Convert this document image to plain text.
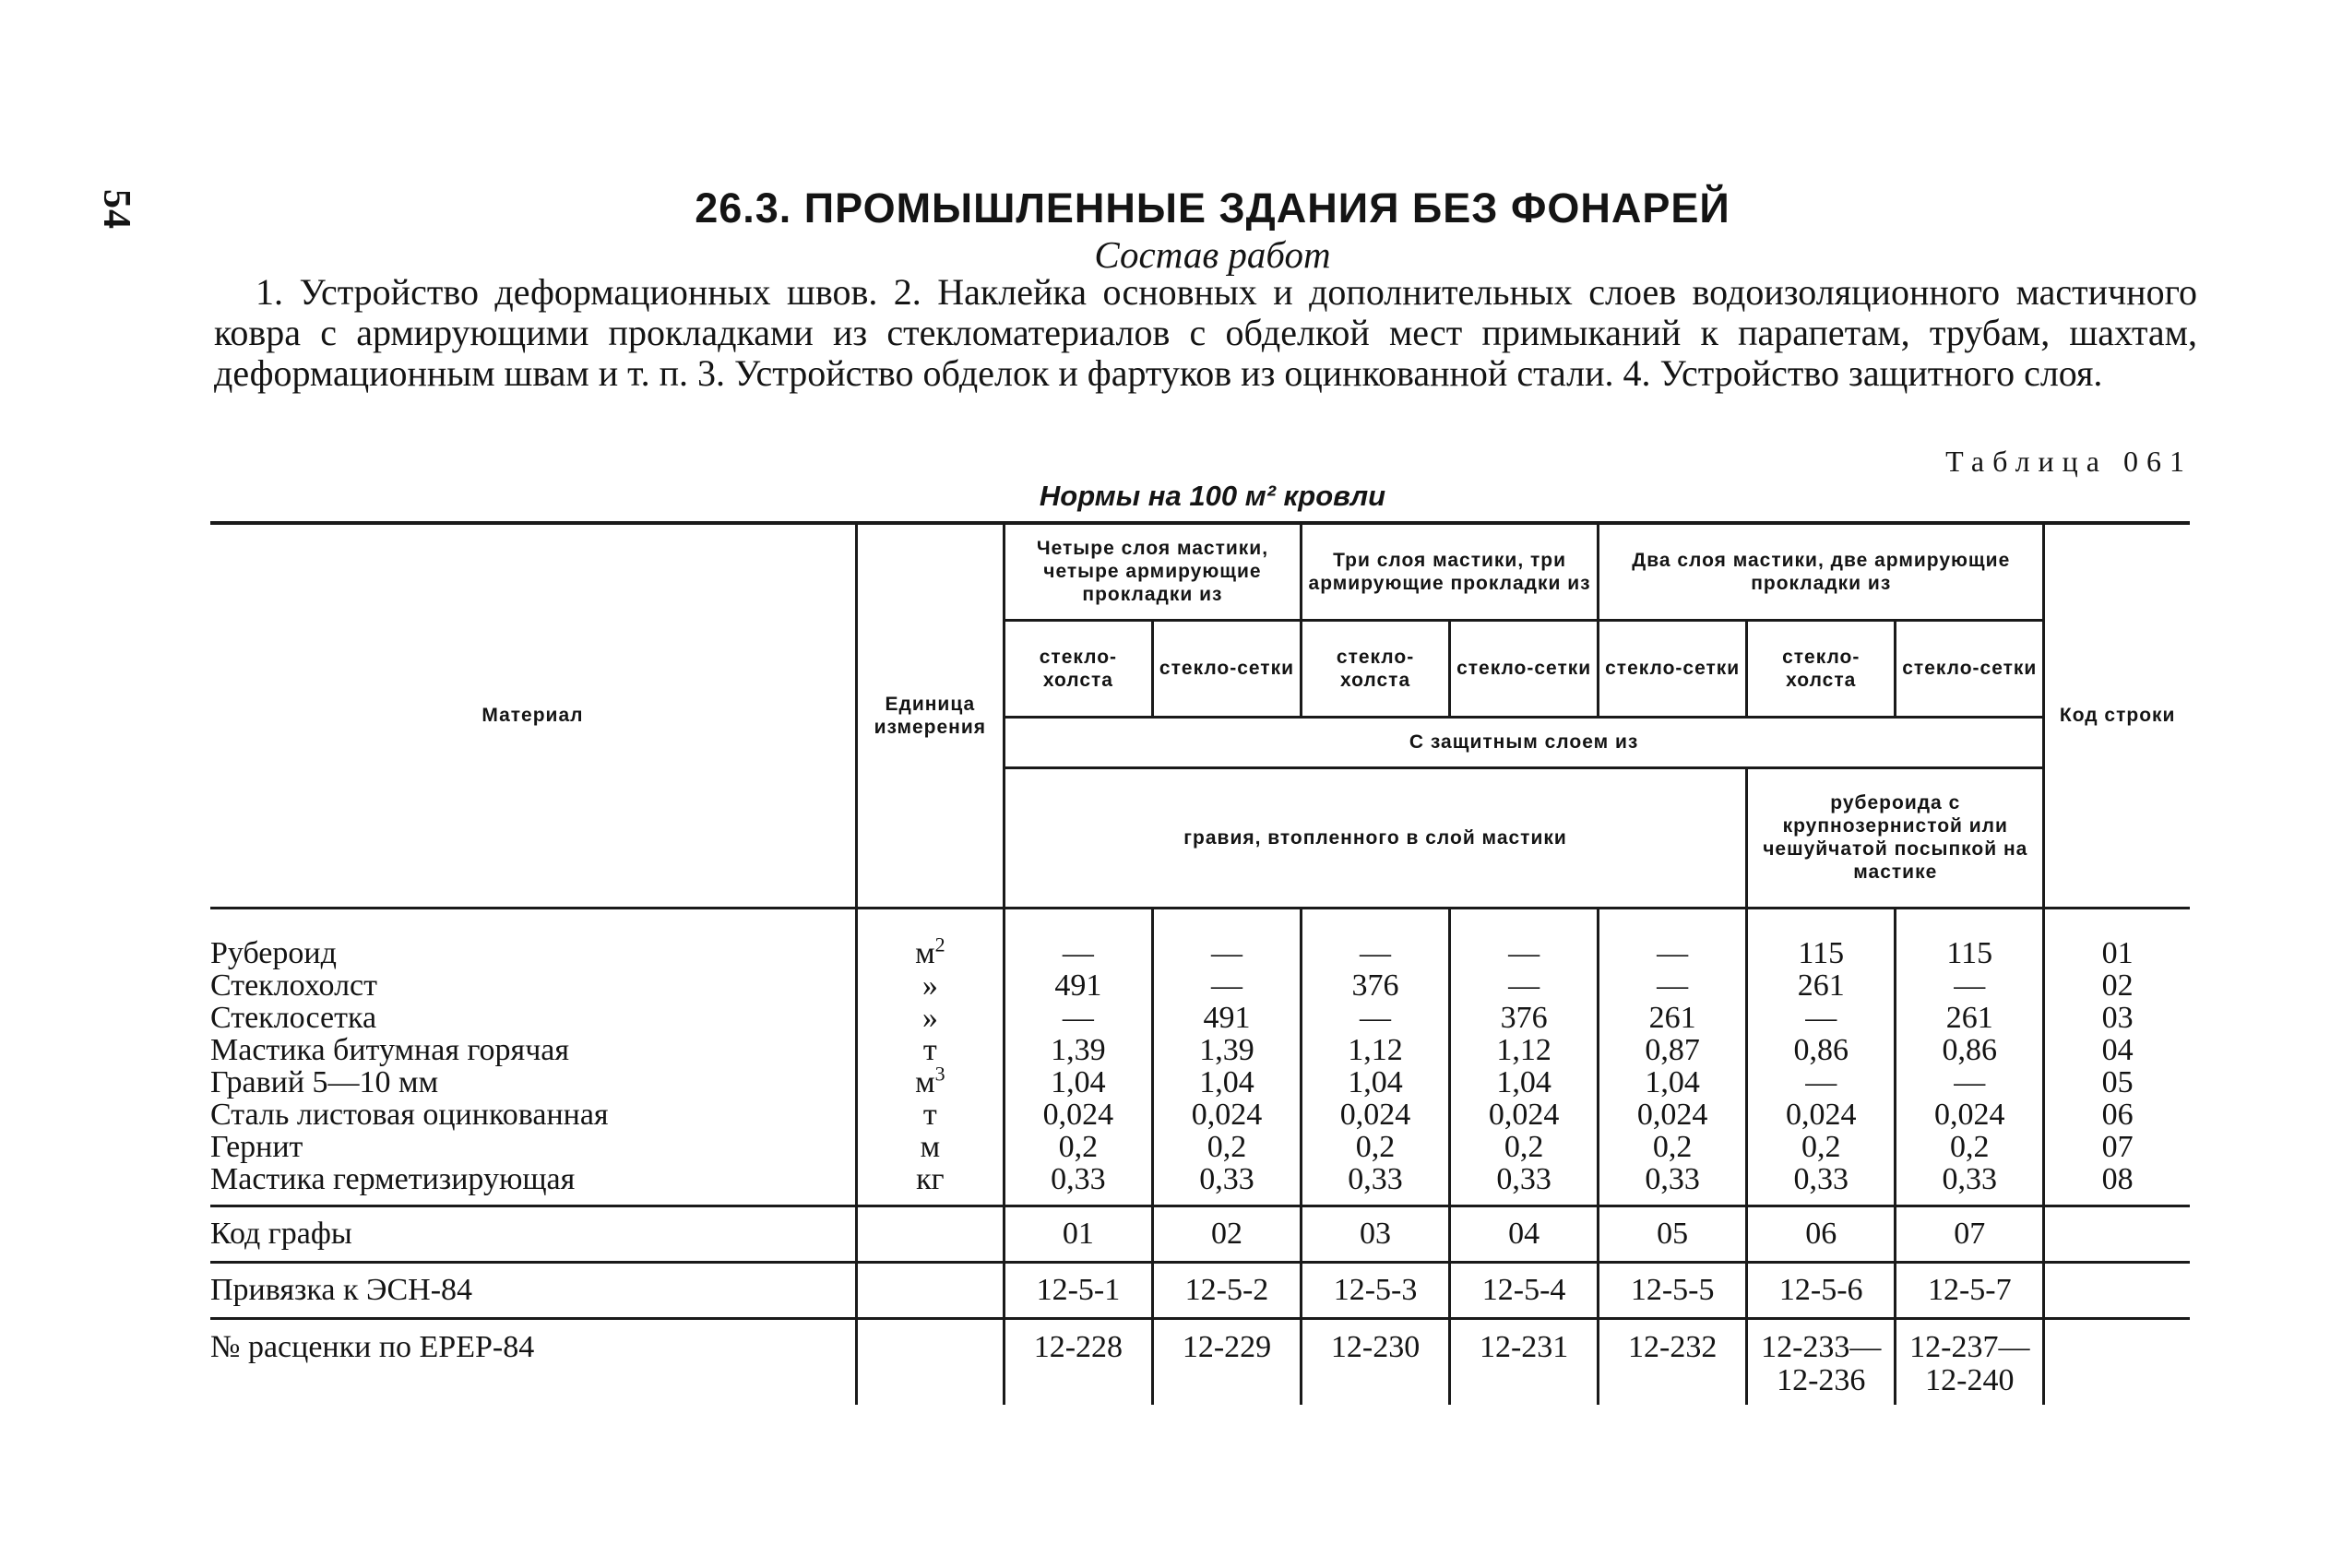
54	26.3. ПРОМЫШЛЕННЫЕ ЗДАНИЯ БЕЗ ФОНАРЕЙ
Состав работ
1. Устройство деформационных швов. 2. Наклейка основных и дополнительных слоев водоизоляционного мастичного ковра с армирующими прокладками из стекломатериалов с обделкой мест примыканий к парапетам, трубам, шахтам, деформационным швам и т. п. 3. Устройство обделок и фартуков из оцинкованной стали. 4. Устройство защитного слоя.
Таблица 061
Нормы на 100 м² кровли
Материал	Единица измерения	Четыре слоя мастики, четыре армирующие прокладки из		Три слоя мастики, три армирующие прокладки из		Два слоя мастики, две армирующие прокладки из			Код строки
		стекло-холста	стекло-сетки	стекло-холста	стекло-сетки	стекло-сетки	стекло-холста	стекло-сетки	
		С защитным слоем из							
		гравия, втопленного в слой мастики					рубероида с крупнозернистой или чешуйчатой посыпкой на мастике		
Рубероид	$м^2$	—	—	—	—	—	115	115	01
Стеклохолст	»	491	—	376	—	—	261	—	02
Стеклосетка	»	—	491	—	376	261	—	261	03
Мастика битумная горячая	т	1,39	1,39	1,12	1,12	0,87	0,86	0,86	04
Гравий 5—10 мм	$м^3$	1,04	1,04	1,04	1,04	1,04	—	—	05
Сталь листовая оцинкованная	т	0,024	0,024	0,024	0,024	0,024	0,024	0,024	06
Гернит	м	0,2	0,2	0,2	0,2	0,2	0,2	0,2	07
Мастика герметизирующая	кг	0,33	0,33	0,33	0,33	0,33	0,33	0,33	08
Код графы		01	02	03	04	05	06	07	
Привязка к ЭСН-84		12-5-1	12-5-2	12-5-3	12-5-4	12-5-5	12-5-6	12-5-7	
№ расценки по ЕРЕР-84		12-228	12-229	12-230	12-231	12-232	12-233— 12-236	12-237— 12-240	
